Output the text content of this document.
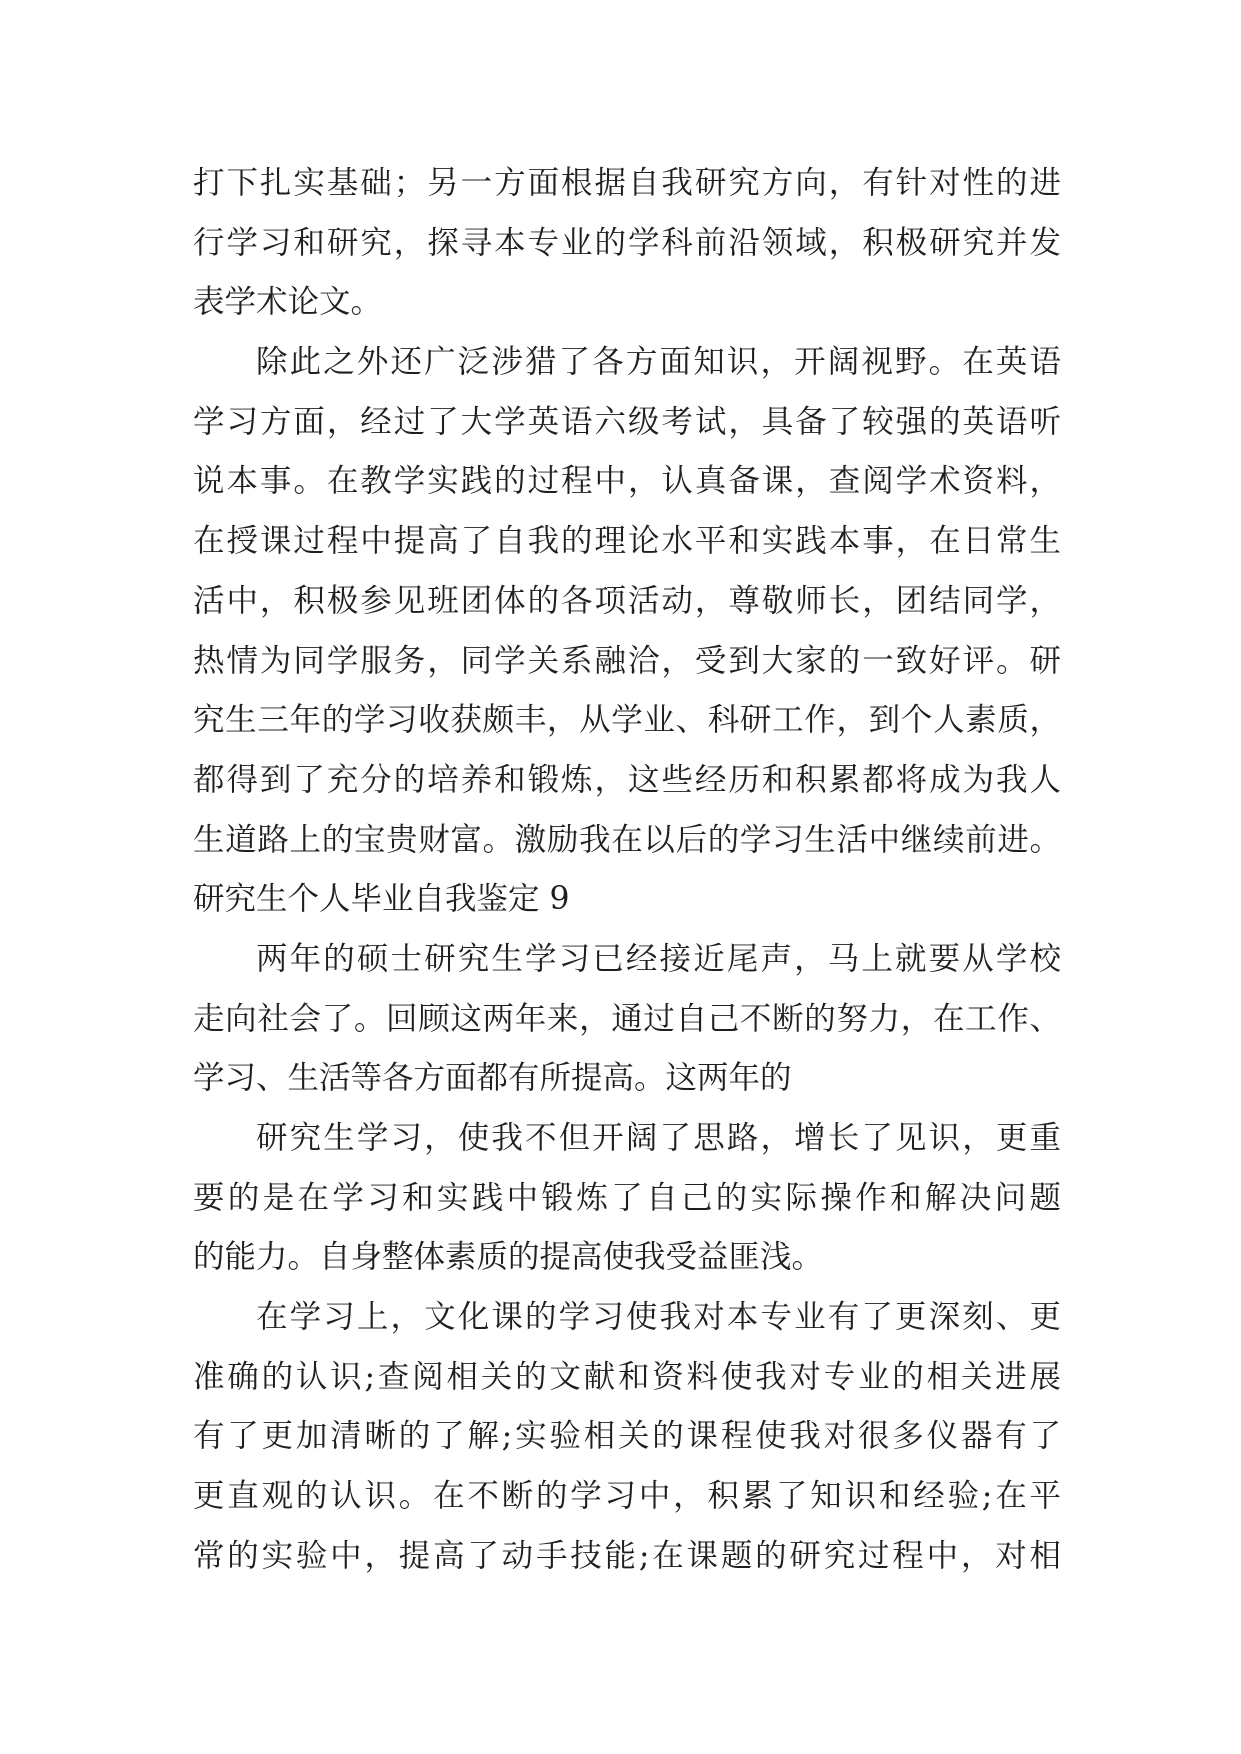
打下扎实基础；另一方面根据自我研究方向，有针对性的进
行学习和研究，探寻本专业的学科前沿领域，积极研究并发
表学术论文。
除此之外还广泛涉猎了各方面知识，开阔视野。在英语
学习方面，经过了大学英语六级考试，具备了较强的英语听
说本事。在教学实践的过程中，认真备课，查阅学术资料，
在授课过程中提高了自我的理论水平和实践本事，在日常生
活中，积极参见班团体的各项活动，尊敬师长，团结同学，
热情为同学服务，同学关系融洽，受到大家的一致好评。研
究生三年的学习收获颇丰，从学业、科研工作，到个人素质，
都得到了充分的培养和锻炼，这些经历和积累都将成为我人
生道路上的宝贵财富。激励我在以后的学习生活中继续前进。
研究生个人毕业自我鉴定 9
两年的硕士研究生学习已经接近尾声，马上就要从学校
走向社会了。回顾这两年来，通过自己不断的努力，在工作、
学习、生活等各方面都有所提高。这两年的
研究生学习，使我不但开阔了思路，增长了见识，更重
要的是在学习和实践中锻炼了自己的实际操作和解决问题
的能力。自身整体素质的提高使我受益匪浅。
在学习上，文化课的学习使我对本专业有了更深刻、更
准确的认识;查阅相关的文献和资料使我对专业的相关进展
有了更加清晰的了解;实验相关的课程使我对很多仪器有了
更直观的认识。在不断的学习中，积累了知识和经验;在平
常的实验中，提高了动手技能;在课题的研究过程中，对相
